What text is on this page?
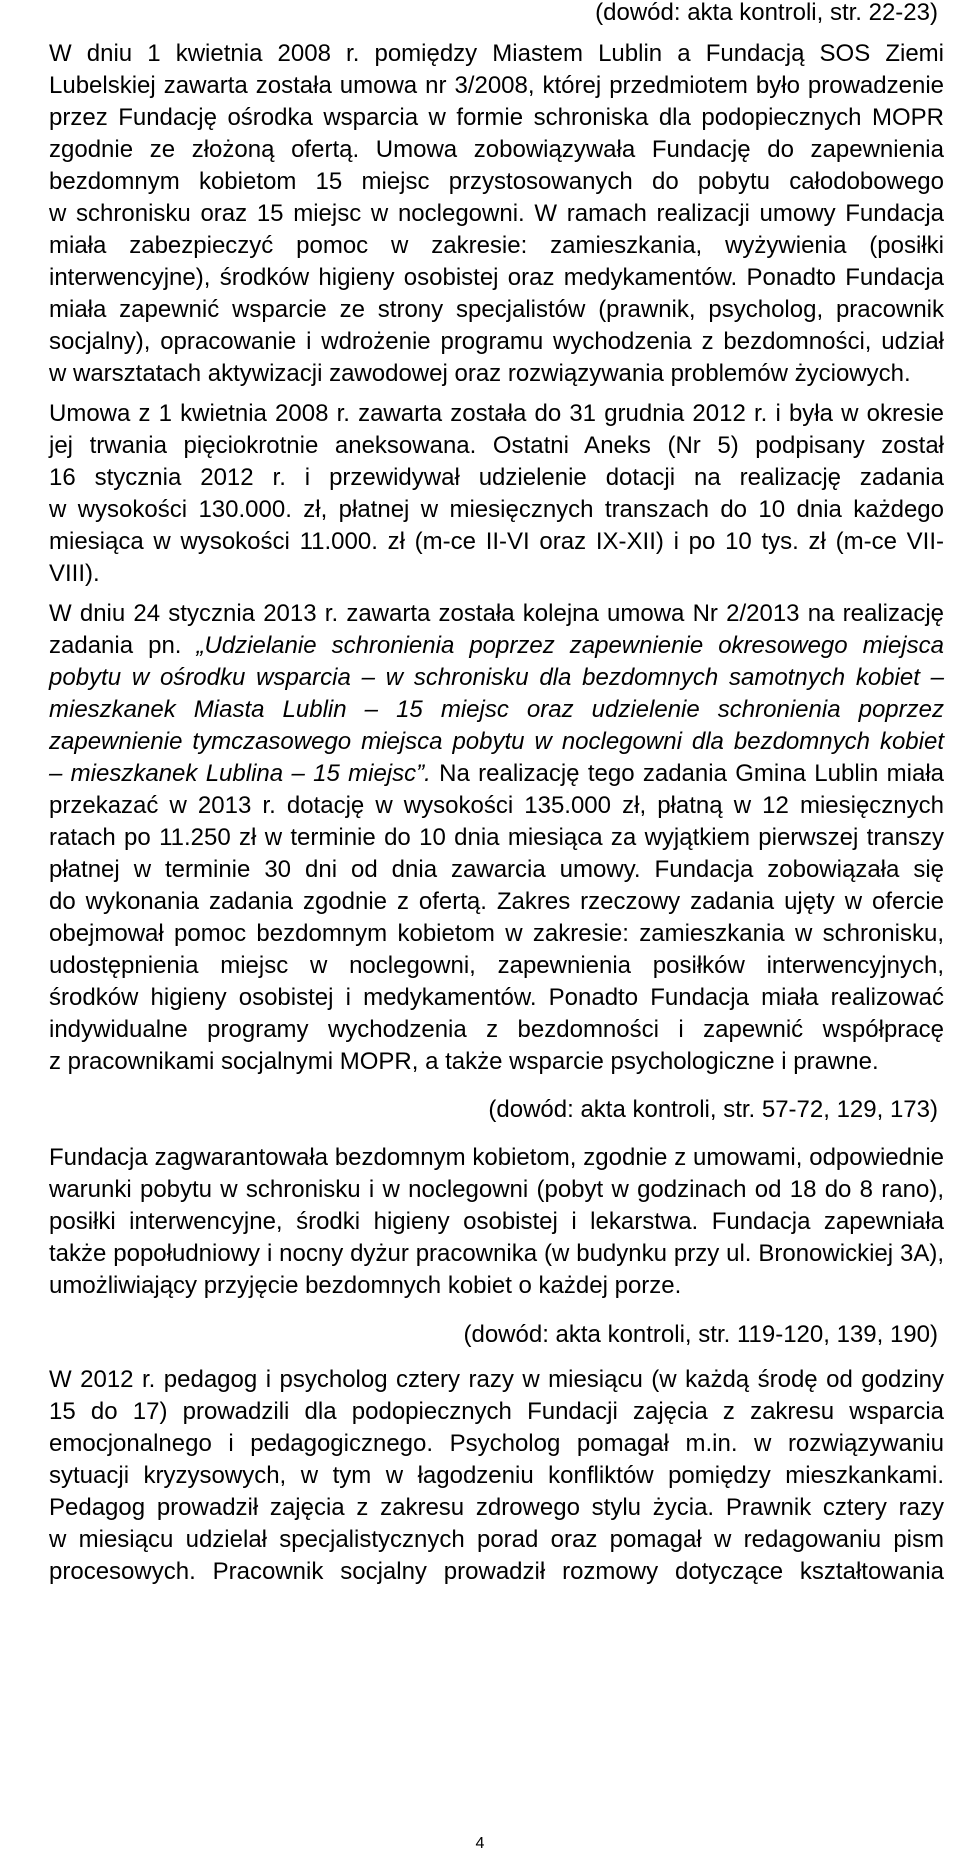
(dowód: akta kontroli, str. 22-23)
W dniu 1 kwietnia 2008 r. pomiędzy Miastem Lublin a Fundacją SOS Ziemi
Lubelskiej zawarta została umowa nr 3/2008, której przedmiotem było prowadzenie
przez Fundację ośrodka wsparcia w formie schroniska dla podopiecznych MOPR
zgodnie ze złożoną ofertą. Umowa zobowiązywała Fundację do zapewnienia
bezdomnym kobietom 15 miejsc przystosowanych do pobytu całodobowego
w schronisku oraz 15 miejsc w noclegowni. W ramach realizacji umowy Fundacja
miała zabezpieczyć pomoc w zakresie: zamieszkania, wyżywienia (posiłki
interwencyjne), środków higieny osobistej oraz medykamentów. Ponadto Fundacja
miała zapewnić wsparcie ze strony specjalistów (prawnik, psycholog, pracownik
socjalny), opracowanie i wdrożenie programu wychodzenia z bezdomności, udział
w warsztatach aktywizacji zawodowej oraz rozwiązywania problemów życiowych.
Umowa z 1 kwietnia 2008 r. zawarta została do 31 grudnia 2012 r. i była w okresie
jej trwania pięciokrotnie aneksowana. Ostatni Aneks (Nr 5) podpisany został
16 stycznia 2012 r. i przewidywał udzielenie dotacji na realizację zadania
w wysokości 130.000. zł, płatnej w miesięcznych transzach do 10 dnia każdego
miesiąca w wysokości 11.000. zł (m-ce II-VI oraz IX-XII) i po 10 tys. zł (m-ce VII-
VIII).
W dniu 24 stycznia 2013 r. zawarta została kolejna umowa Nr 2/2013 na realizację
zadania pn. „Udzielanie schronienia poprzez zapewnienie okresowego miejsca
pobytu w ośrodku wsparcia – w schronisku dla bezdomnych samotnych kobiet –
mieszkanek Miasta Lublin – 15 miejsc oraz udzielenie schronienia poprzez
zapewnienie tymczasowego miejsca pobytu w noclegowni dla bezdomnych kobiet
– mieszkanek Lublina – 15 miejsc”. Na realizację tego zadania Gmina Lublin miała
przekazać w 2013 r. dotację w wysokości 135.000 zł, płatną w 12 miesięcznych
ratach po 11.250 zł w terminie do 10 dnia miesiąca za wyjątkiem pierwszej transzy
płatnej w terminie 30 dni od dnia zawarcia umowy. Fundacja zobowiązała się
do wykonania zadania zgodnie z ofertą. Zakres rzeczowy zadania ujęty w ofercie
obejmował pomoc bezdomnym kobietom w zakresie: zamieszkania w schronisku,
udostępnienia miejsc w noclegowni, zapewnienia posiłków interwencyjnych,
środków higieny osobistej i medykamentów. Ponadto Fundacja miała realizować
indywidualne programy wychodzenia z bezdomności i zapewnić współpracę
z pracownikami socjalnymi MOPR, a także wsparcie psychologiczne i prawne.
(dowód: akta kontroli, str. 57-72, 129, 173)
Fundacja zagwarantowała bezdomnym kobietom, zgodnie z umowami, odpowiednie
warunki pobytu w schronisku i w noclegowni (pobyt w godzinach od 18 do 8 rano),
posiłki interwencyjne, środki higieny osobistej i lekarstwa. Fundacja zapewniała
także popołudniowy i nocny dyżur pracownika (w budynku przy ul. Bronowickiej 3A),
umożliwiający przyjęcie bezdomnych kobiet o każdej porze.
(dowód: akta kontroli, str. 119-120, 139, 190)
W 2012 r. pedagog i psycholog cztery razy w miesiącu (w każdą środę od godziny
15 do 17) prowadzili dla podopiecznych Fundacji zajęcia z zakresu wsparcia
emocjonalnego i pedagogicznego. Psycholog pomagał m.in. w rozwiązywaniu
sytuacji kryzysowych, w tym w łagodzeniu konfliktów pomiędzy mieszkankami.
Pedagog prowadził zajęcia z zakresu zdrowego stylu życia. Prawnik cztery razy
w miesiącu udzielał specjalistycznych porad oraz pomagał w redagowaniu pism
procesowych. Pracownik socjalny prowadził rozmowy dotyczące kształtowania
4
